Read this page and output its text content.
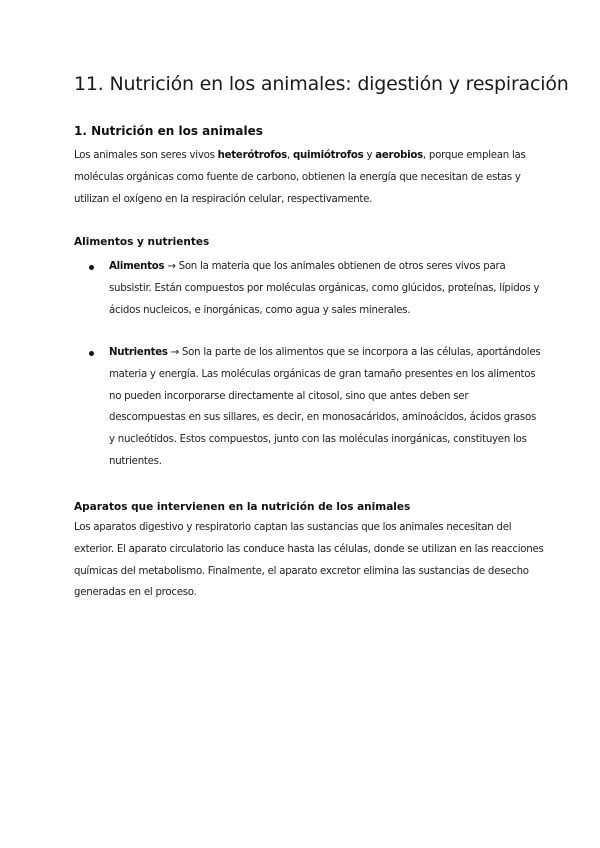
11. Nutrición en los animales: digestión y respiración
1. Nutrición en los animales

Los animales son seres vivos heterótrofos, quimiótrofos y aerobios, porque emplean las
moléculas orgánicas como fuente de carbono, obtienen la energía que necesitan de estas y
utilizan el oxígeno en la respiración celular, respectivamente.

Alimentos y nutrientes

Alimentos → Son la materia que los animales obtienen de otros seres vivos para
subsistir. Están compuestos por moléculas orgánicas, como glúcidos, proteínas, lípidos y
ácidos nucleicos, e inorgánicas, como agua y sales minerales.

Nutrientes → Son la parte de los alimentos que se incorpora a las células, aportándoles
materia y energía. Las moléculas orgánicas de gran tamaño presentes en los alimentos
no pueden incorporarse directamente al citosol, sino que antes deben ser
descompuestas en sus sillares, es decir, en monosacáridos, aminoácidos, ácidos grasos
y nucleótidos. Estos compuestos, junto con las moléculas inorgánicas, constituyen los
nutrientes.

Aparatos que intervienen en la nutrición de los animales

Los aparatos digestivo y respiratorio captan las sustancias que los animales necesitan del
exterior. El aparato circulatorio las conduce hasta las células, donde se utilizan en las reacciones
químicas del metabolismo. Finalmente, el aparato excretor elimina las sustancias de desecho
generadas en el proceso.
